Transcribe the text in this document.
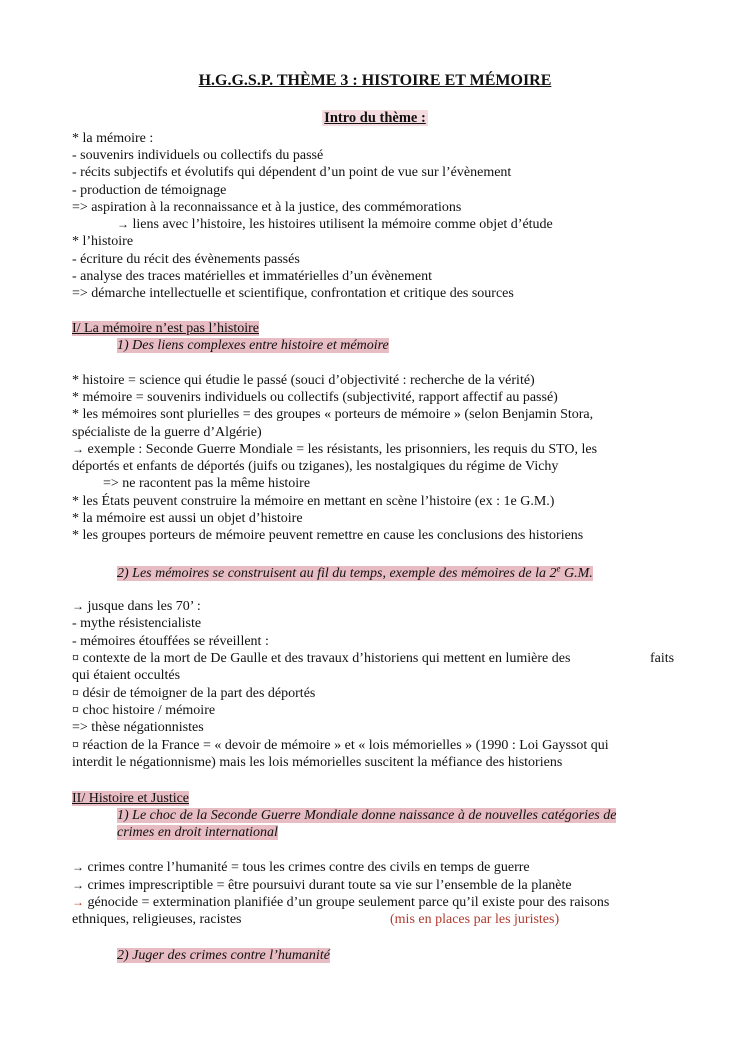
H.G.G.S.P. THÈME 3 : HISTOIRE ET MÉMOIRE
Intro du thème :
* la mémoire :
- souvenirs individuels ou collectifs du passé
- récits subjectifs et évolutifs qui dépendent d’un point de vue sur l’évènement
- production de témoignage
=> aspiration à la reconnaissance et à la justice, des commémorations
→ liens avec l’histoire, les histoires utilisent la mémoire comme objet d’étude
* l’histoire
- écriture du récit des évènements passés
- analyse des traces matérielles et immatérielles d’un évènement
=> démarche intellectuelle et scientifique, confrontation et critique des sources
I/ La mémoire n’est pas l’histoire
1) Des liens complexes entre histoire et mémoire
* histoire = science qui étudie le passé (souci d’objectivité : recherche de la vérité)
* mémoire = souvenirs individuels ou collectifs (subjectivité, rapport affectif au passé)
* les mémoires sont plurielles = des groupes « porteurs de mémoire » (selon Benjamin Stora,
spécialiste de la guerre d’Algérie)
→ exemple : Seconde Guerre Mondiale = les résistants, les prisonniers, les requis du STO, les
déportés et enfants de déportés (juifs ou tziganes), les nostalgiques du régime de Vichy
=> ne racontent pas la même histoire
* les États peuvent construire la mémoire en mettant en scène l’histoire (ex : 1e G.M.)
* la mémoire est aussi un objet d’histoire
* les groupes porteurs de mémoire peuvent remettre en cause les conclusions des historiens
2) Les mémoires se construisent au fil du temps, exemple des mémoires de la 2e G.M.
→ jusque dans les 70’ :
- mythe résistencialiste
- mémoires étouffées se réveillent :
¤ contexte de la mort de De Gaulle et des travaux d’historiens qui mettent en lumière des	faits
qui étaient occultés
¤ désir de témoigner de la part des déportés
¤ choc histoire / mémoire
=> thèse négationnistes
¤ réaction de la France = « devoir de mémoire » et « lois mémorielles » (1990 : Loi Gayssot qui
interdit le négationnisme) mais les lois mémorielles suscitent la méfiance des historiens
II/ Histoire et Justice
1) Le choc de la Seconde Guerre Mondiale donne naissance à de nouvelles catégories de
crimes en droit international
→ crimes contre l’humanité = tous les crimes contre des civils en temps de guerre
→ crimes imprescriptible = être poursuivi durant toute sa vie sur l’ensemble de la planète
→ génocide = extermination planifiée d’un groupe seulement parce qu’il existe pour des raisons
ethniques, religieuses, racistes	(mis en places par les juristes)
2) Juger des crimes contre l’humanité
